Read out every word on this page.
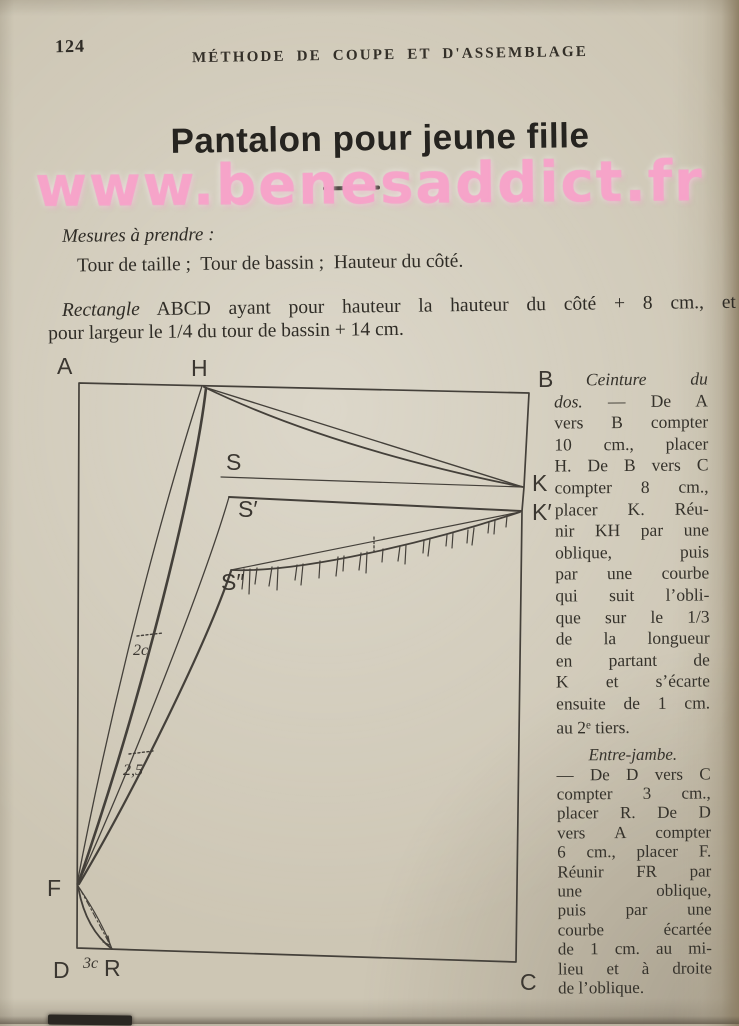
124	MÉTHODE DE COUPE ET D'ASSEMBLAGE
Pantalon pour jeune fille
Mesures à prendre :
Tour de taille ;  Tour de bassin ;  Hauteur du côté.
Rectangle ABCD ayant pour hauteur la hauteur du côté + 8 cm., et
pour largeur le 1/4 du tour de bassin + 14 cm.
A	H	B
K
K′
C
D
F
R
S
S′
S″
2c
2,5
3c
Ceinture du
dos. — De A
vers B compter
10 cm., placer
H. De B vers C
compter 8 cm.,
placer K. Réu-
nir KH par une
oblique, puis
par une courbe
qui suit l’obli-
que sur le 1/3
de la longueur
en partant de
K et s’écarte
ensuite de 1 cm.
au 2e tiers.
Entre-jambe.
— De D vers C
compter 3 cm.,
placer R. De D
vers A compter
6 cm., placer F.
Réunir FR par
une oblique,
puis par une
courbe écartée
de 1 cm. au mi-
lieu et à droite
de l’oblique.
www.benesaddict.fr
